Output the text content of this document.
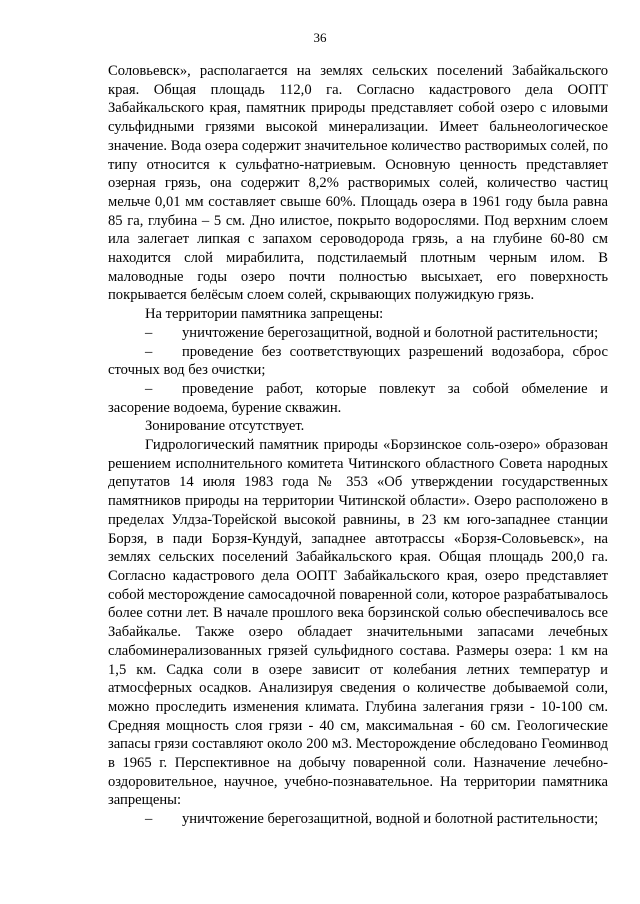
36

Соловьевск», располагается на землях сельских поселений Забайкальского края. Общая площадь 112,0 га. Согласно кадастрового дела ООПТ Забайкальского края, памятник природы представляет собой озеро с иловыми сульфидными грязями высокой минерализации. Имеет бальнеологическое значение. Вода озера содержит значительное количество растворимых солей, по типу относится к сульфатно-натриевым. Основную ценность представляет озерная грязь, она содержит 8,2% растворимых солей, количество частиц мельче 0,01 мм составляет свыше 60%. Площадь озера в 1961 году была равна 85 га, глубина – 5 см. Дно илистое, покрыто водорослями. Под верхним слоем ила залегает липкая с запахом сероводорода грязь, а на глубине 60-80 см находится слой мирабилита, подстилаемый плотным черным илом. В маловодные годы озеро почти полностью высыхает, его поверхность покрывается белёсым слоем солей, скрывающих полужидкую грязь.

На территории памятника запрещены:

– уничтожение берегозащитной, водной и болотной растительности;

– проведение без соответствующих разрешений водозабора, сброс сточных вод без очистки;

– проведение работ, которые повлекут за собой обмеление и засорение водоема, бурение скважин.

Зонирование отсутствует.

Гидрологический памятник природы «Борзинское соль-озеро» образован решением исполнительного комитета Читинского областного Совета народных депутатов 14 июля 1983 года № 353 «Об утверждении государственных памятников природы на территории Читинской области». Озеро расположено в пределах Улдза-Торейской высокой равнины, в 23 км юго-западнее станции Борзя, в пади Борзя-Кундуй, западнее автотрассы «Борзя-Соловьевск», на землях сельских поселений Забайкальского края. Общая площадь 200,0 га. Согласно кадастрового дела ООПТ Забайкальского края, озеро представляет собой месторождение самосадочной поваренной соли, которое разрабатывалось более сотни лет. В начале прошлого века борзинской солью обеспечивалось все Забайкалье. Также озеро обладает значительными запасами лечебных слабоминерализованных грязей сульфидного состава. Размеры озера: 1 км на 1,5 км. Садка соли в озере зависит от колебания летних температур и атмосферных осадков. Анализируя сведения о количестве добываемой соли, можно проследить изменения климата. Глубина залегания грязи - 10-100 см. Средняя мощность слоя грязи - 40 см, максимальная - 60 см. Геологические запасы грязи составляют около 200 м3. Месторождение обследовано Геоминвод в 1965 г. Перспективное на добычу поваренной соли. Назначение лечебно-оздоровительное, научное, учебно-познавательное. На территории памятника запрещены:

– уничтожение берегозащитной, водной и болотной растительности;
